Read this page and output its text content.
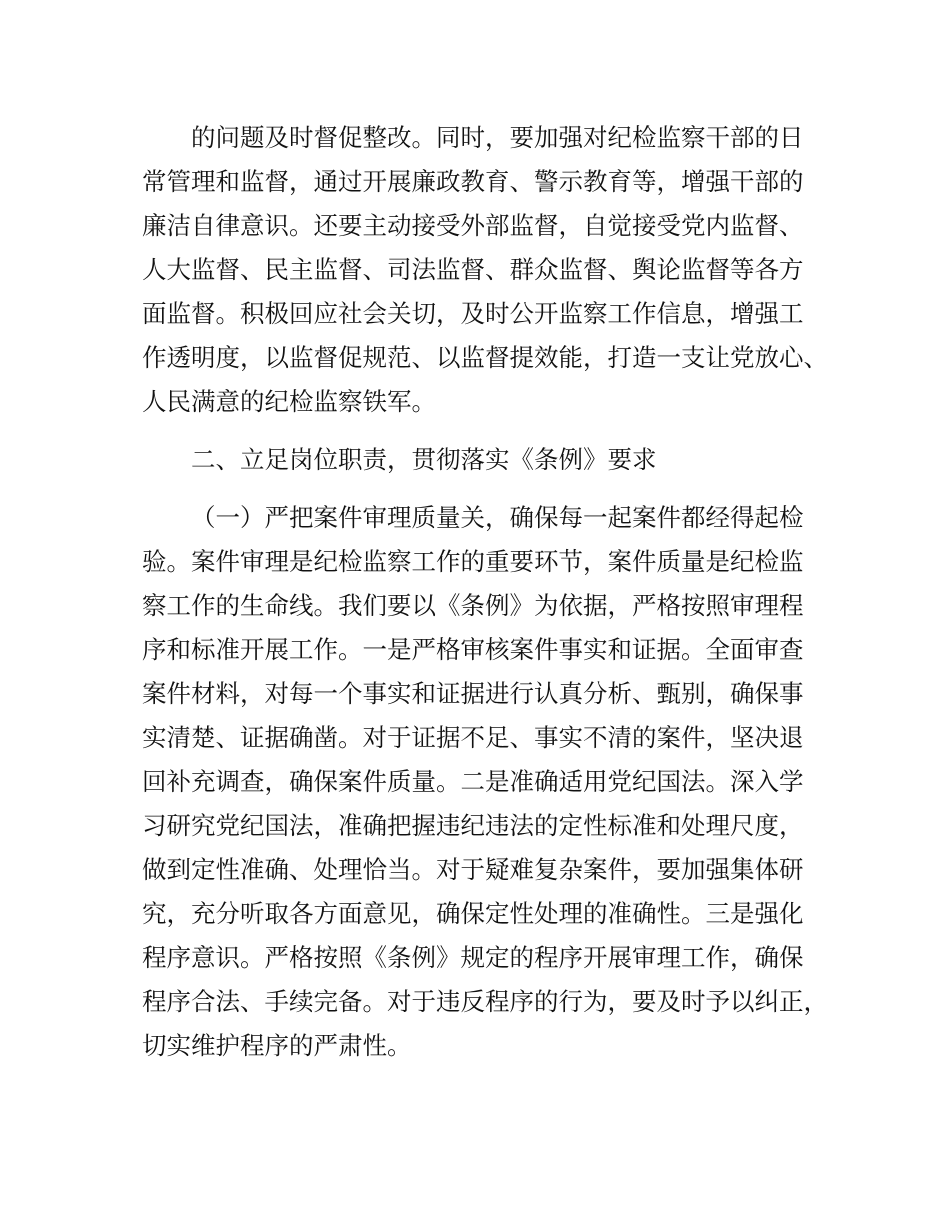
的问题及时督促整改。同时，要加强对纪检监察干部的日
常管理和监督，通过开展廉政教育、警示教育等，增强干部的
廉洁自律意识。还要主动接受外部监督，自觉接受党内监督、
人大监督、民主监督、司法监督、群众监督、舆论监督等各方
面监督。积极回应社会关切，及时公开监察工作信息，增强工
作透明度，以监督促规范、以监督提效能，打造一支让党放心、
人民满意的纪检监察铁军。
二、立足岗位职责，贯彻落实《条例》要求
（一）严把案件审理质量关，确保每一起案件都经得起检
验。案件审理是纪检监察工作的重要环节，案件质量是纪检监
察工作的生命线。我们要以《条例》为依据，严格按照审理程
序和标准开展工作。一是严格审核案件事实和证据。全面审查
案件材料，对每一个事实和证据进行认真分析、甄别，确保事
实清楚、证据确凿。对于证据不足、事实不清的案件，坚决退
回补充调查，确保案件质量。二是准确适用党纪国法。深入学
习研究党纪国法，准确把握违纪违法的定性标准和处理尺度，
做到定性准确、处理恰当。对于疑难复杂案件，要加强集体研
究，充分听取各方面意见，确保定性处理的准确性。三是强化
程序意识。严格按照《条例》规定的程序开展审理工作，确保
程序合法、手续完备。对于违反程序的行为，要及时予以纠正，
切实维护程序的严肃性。
